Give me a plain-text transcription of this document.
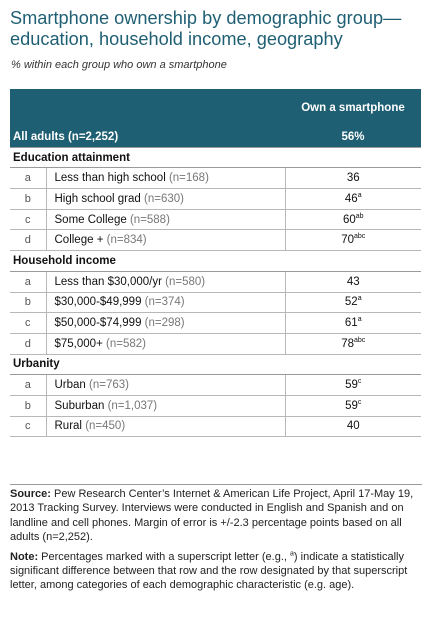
Smartphone ownership by demographic group—education, household income, geography
% within each group who own a smartphone
		Own a smartphone
All adults (n=2,252)		56%
Education attainment		
a	Less than high school (n=168)	36
b	High school grad (n=630)	46$^a$
c	Some College (n=588)	$60^{ab}$
d	College + (n=834)	$70^{abc}$
Household income		
a	Less than $30,000/yr (n=580)	43
b	$30,000-$49,999 (n=374)	52$^a$
c	$50,000-$74,999 (n=298)	61$^a$
d	$75,000+ (n=582)	$78^{abc}$
Urbanity		
a	Urban (n=763)	59$^c$
b	Suburban (n=1,037)	59$^c$
c	Rural (n=450)	40

Source: Pew Research Center’s Internet & American Life Project, April 17-May 19, 2013 Tracking Survey. Interviews were conducted in English and Spanish and on landline and cell phones. Margin of error is +/-2.3 percentage points based on all adults (n=2,252).

Note: Percentages marked with a superscript letter (e.g., $^a$) indicate a statistically significant difference between that row and the row designated by that superscript letter, among categories of each demographic characteristic (e.g. age).
